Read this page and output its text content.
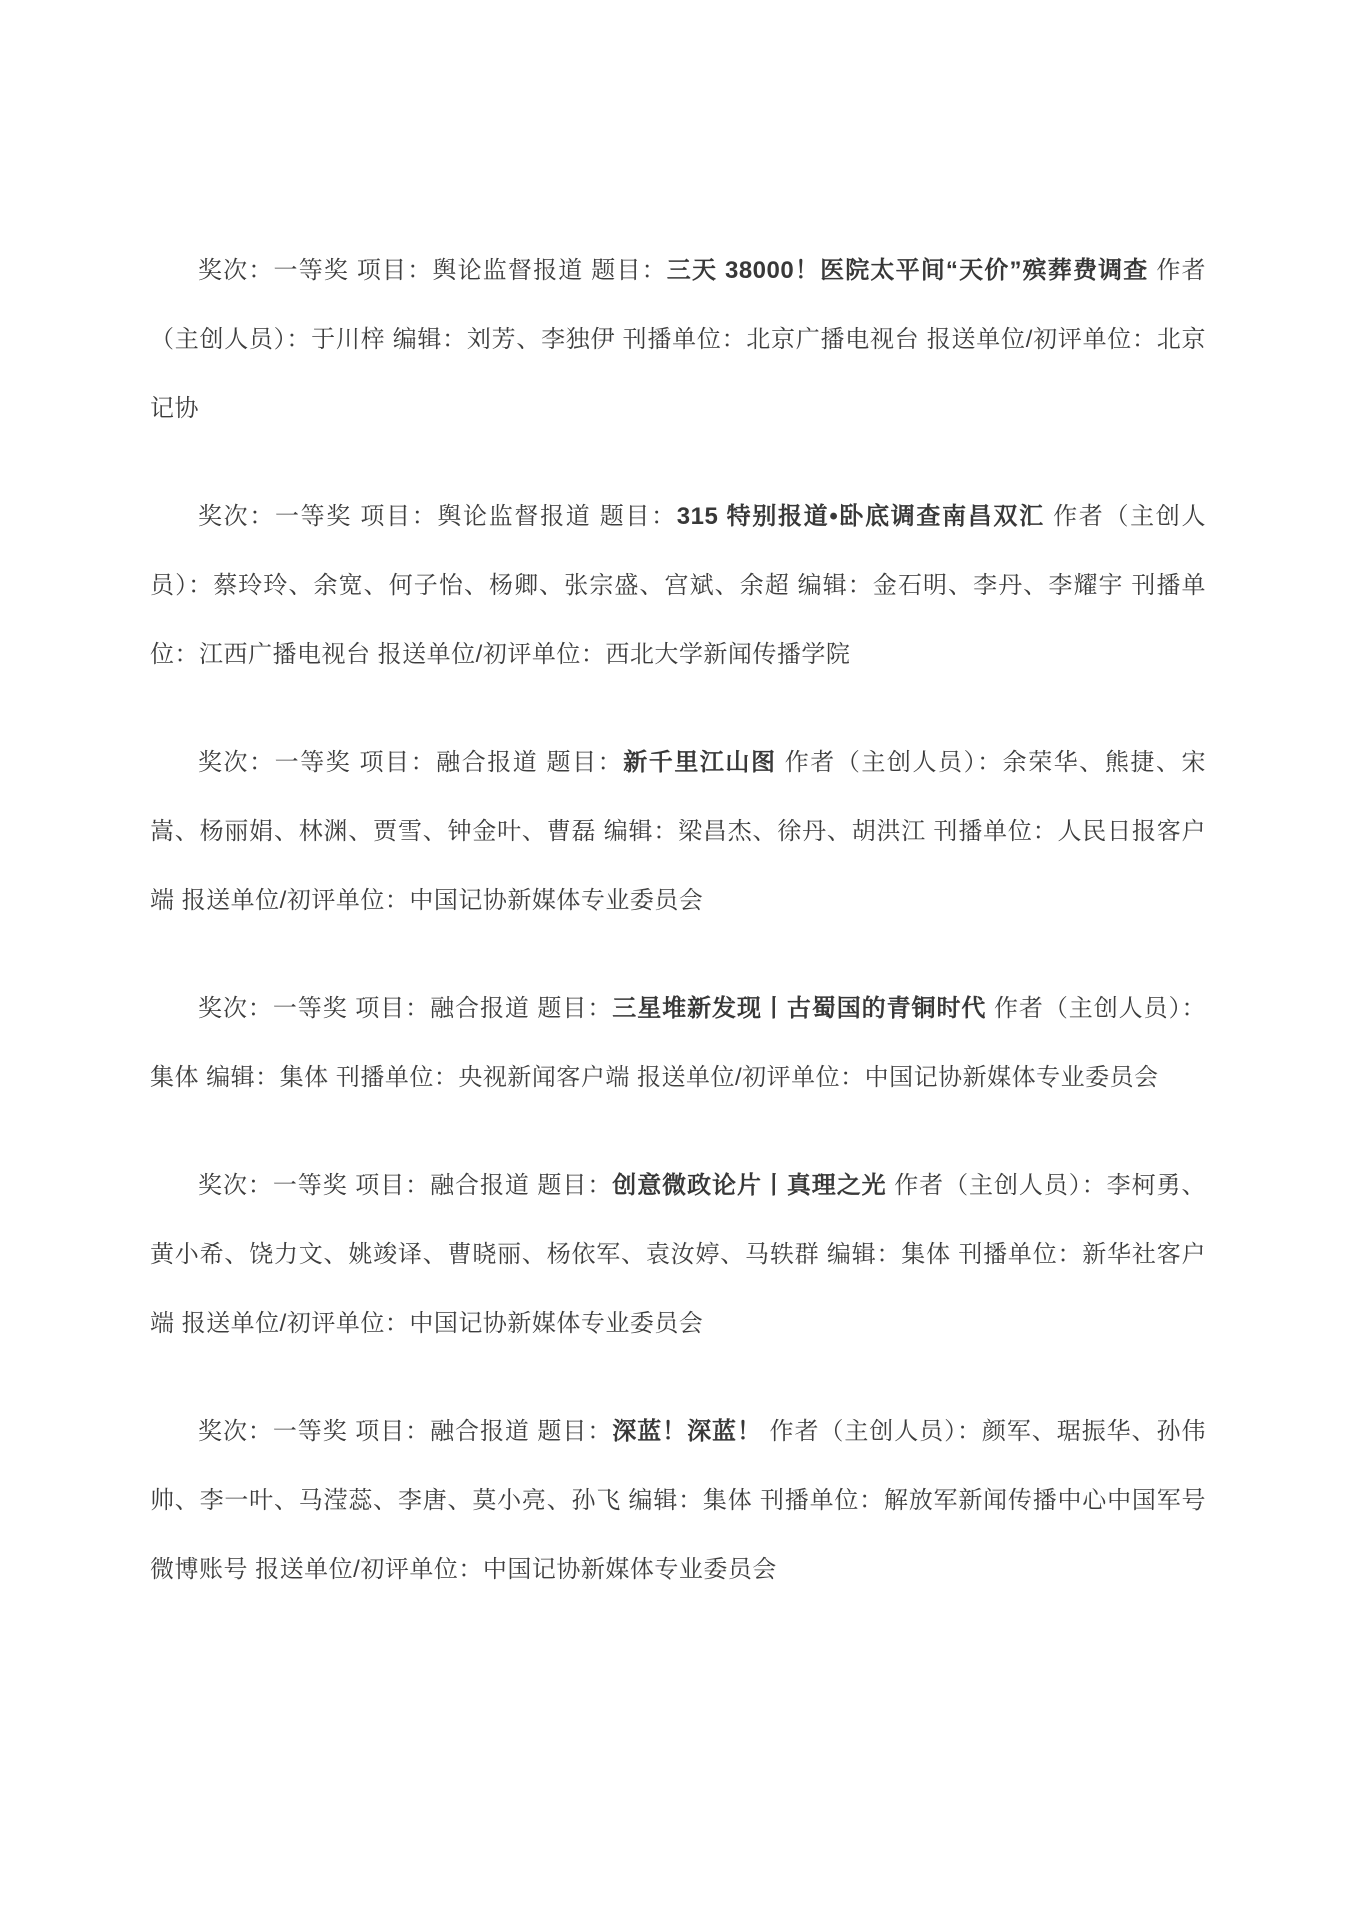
奖次：一等奖 项目：舆论监督报道 题目：三天 38000！医院太平间“天价”殡葬费调查 作者（主创人员）：于川梓 编辑：刘芳、李独伊 刊播单位：北京广播电视台 报送单位/初评单位：北京记协

奖次：一等奖 项目：舆论监督报道 题目：315 特别报道•卧底调查南昌双汇 作者（主创人员）：蔡玲玲、余宽、何子怡、杨卿、张宗盛、宫斌、余超 编辑：金石明、李丹、李耀宇 刊播单位：江西广播电视台 报送单位/初评单位：西北大学新闻传播学院

奖次：一等奖 项目：融合报道 题目：新千里江山图 作者（主创人员）：余荣华、熊捷、宋嵩、杨丽娟、林渊、贾雪、钟金叶、曹磊 编辑：梁昌杰、徐丹、胡洪江 刊播单位：人民日报客户端 报送单位/初评单位：中国记协新媒体专业委员会

奖次：一等奖 项目：融合报道 题目：三星堆新发现丨古蜀国的青铜时代 作者（主创人员）：集体 编辑：集体 刊播单位：央视新闻客户端 报送单位/初评单位：中国记协新媒体专业委员会

奖次：一等奖 项目：融合报道 题目：创意微政论片丨真理之光 作者（主创人员）：李柯勇、黄小希、饶力文、姚竣译、曹晓丽、杨依军、袁汝婷、马轶群 编辑：集体 刊播单位：新华社客户端 报送单位/初评单位：中国记协新媒体专业委员会

奖次：一等奖 项目：融合报道 题目：深蓝！深蓝！ 作者（主创人员）：颜军、琚振华、孙伟帅、李一叶、马滢蕊、李唐、莫小亮、孙飞 编辑：集体 刊播单位：解放军新闻传播中心中国军号微博账号 报送单位/初评单位：中国记协新媒体专业委员会
